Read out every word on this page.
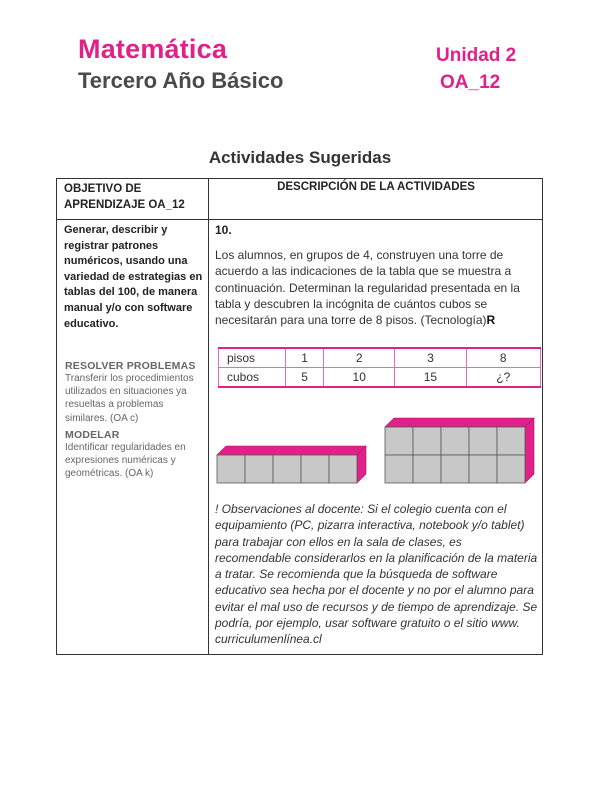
Matemática
Tercero Año Básico
Unidad 2
OA_12
Actividades Sugeridas
OBJETIVO DE APRENDIZAJE OA_12
DESCRIPCIÓN DE LA ACTIVIDADES
Generar, describir y registrar patrones numéricos, usando una variedad de estrategias en tablas del 100, de manera manual y/o con software educativo.
RESOLVER PROBLEMAS
Transferir los procedimientos utilizados en situaciones ya resueltas a problemas similares. (OA c)
MODELAR
Identificar regularidades en expresiones numéricas y geométricas. (OA k)
10.
Los alumnos, en grupos de 4, construyen una torre de acuerdo a las indicaciones de la tabla que se muestra a continuación. Determinan la regularidad presentada en la tabla y descubren la incógnita de cuántos cubos se necesitarán para una torre de 8 pisos. (Tecnología)R
pisos	1	2	3	8
cubos	5	10	15	¿?
! Observaciones al docente: Si el colegio cuenta con el equipamiento (PC, pizarra interactiva, notebook y/o tablet) para trabajar con ellos en la sala de clases, es recomendable considerarlos en la planificación de la materia a tratar. Se recomienda que la búsqueda de software educativo sea hecha por el docente y no por el alumno para evitar el mal uso de recursos y de tiempo de aprendizaje. Se podría, por ejemplo, usar software gratuito o el sitio www. curriculumenlínea.cl
